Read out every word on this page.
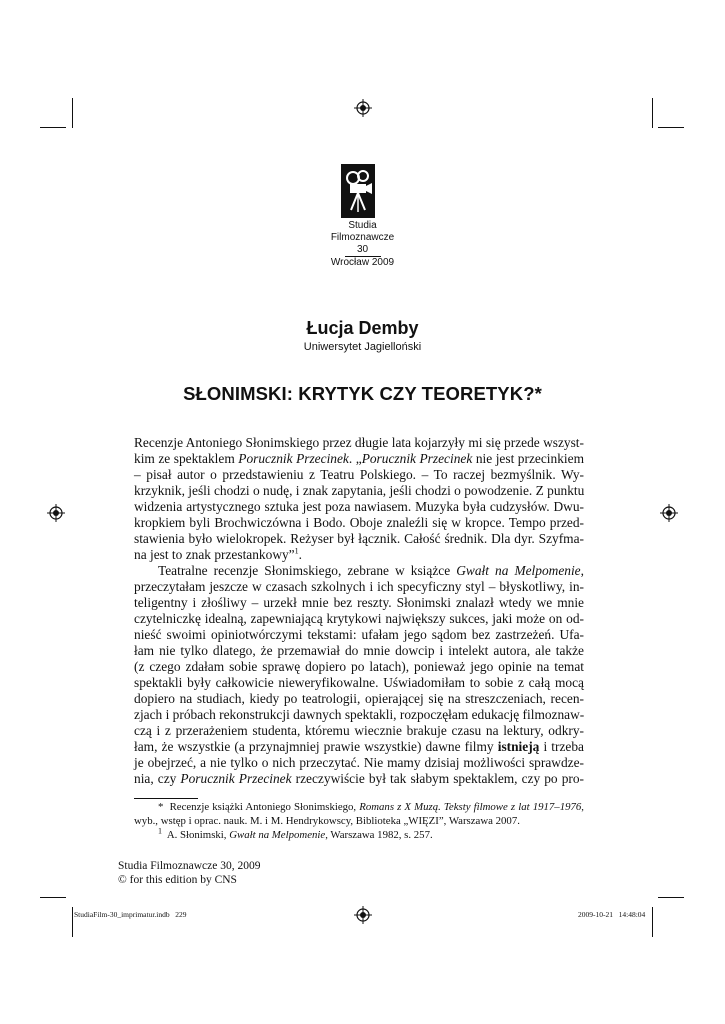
Studia
Filmoznawcze
30
Wrocław 2009
Łucja Demby
Uniwersytet Jagielloński
SŁONIMSKI: KRYTYK CZY TEORETYK?*
Recenzje Antoniego Słonimskiego przez długie lata kojarzyły mi się przede wszyst-
kim ze spektaklem Porucznik Przecinek. „Porucznik Przecinek nie jest przecinkiem
– pisał autor o przedstawieniu z Teatru Polskiego. – To raczej bezmyślnik. Wy-
krzyknik, jeśli chodzi o nudę, i znak zapytania, jeśli chodzi o powodzenie. Z punktu
widzenia artystycznego sztuka jest poza nawiasem. Muzyka była cudzysłów. Dwu-
kropkiem byli Brochwiczówna i Bodo. Oboje znaleźli się w kropce. Tempo przed-
stawienia było wielokropek. Reżyser był łącznik. Całość średnik. Dla dyr. Szyfma-
na jest to znak przestankowy”$^1$.
Teatralne recenzje Słonimskiego, zebrane w książce Gwałt na Melpomenie,
przeczytałam jeszcze w czasach szkolnych i ich specyficzny styl – błyskotliwy, in-
teligentny i złośliwy – urzekł mnie bez reszty. Słonimski znalazł wtedy we mnie
czytelniczkę idealną, zapewniającą krytykowi największy sukces, jaki może on od-
nieść swoimi opiniotwórczymi tekstami: ufałam jego sądom bez zastrzeżeń. Ufa-
łam nie tylko dlatego, że przemawiał do mnie dowcip i intelekt autora, ale także
(z czego zdałam sobie sprawę dopiero po latach), ponieważ jego opinie na temat
spektakli były całkowicie nieweryfikowalne. Uświadomiłam to sobie z całą mocą
dopiero na studiach, kiedy po teatrologii, opierającej się na streszczeniach, recen-
zjach i próbach rekonstrukcji dawnych spektakli, rozpoczęłam edukację filmoznaw-
czą i z przerażeniem studenta, któremu wiecznie brakuje czasu na lektury, odkry-
łam, że wszystkie (a przynajmniej prawie wszystkie) dawne filmy istnieją i trzeba
je obejrzeć, a nie tylko o nich przeczytać. Nie mamy dzisiaj możliwości sprawdze-
nia, czy Porucznik Przecinek rzeczywiście był tak słabym spektaklem, czy po pro-
* Recenzje książki Antoniego Słonimskiego, Romans z X Muzą. Teksty filmowe z lat 1917–1976,
wyb., wstęp i oprac. nauk. M. i M. Hendrykowscy, Biblioteka „WIĘZI”, Warszawa 2007.
$^1$ A. Słonimski, Gwałt na Melpomenie, Warszawa 1982, s. 257.
Studia Filmoznawcze 30, 2009
© for this edition by CNS
StudiaFilm-30_imprimatur.indb   229	2009-10-21   14:48:04
